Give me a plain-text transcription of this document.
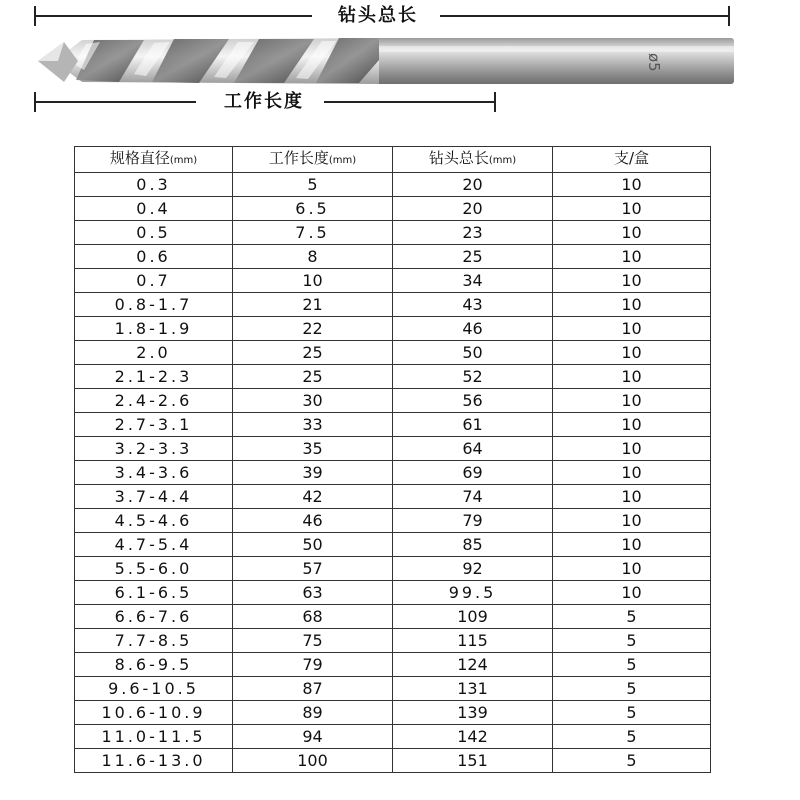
钻头总长
ø5
工作长度
规格直径(mm)	工作长度(mm)	钻头总长(mm)	支/盒
0.3	5	20	10
0.4	6.5	20	10
0.5	7.5	23	10
0.6	8	25	10
0.7	10	34	10
0.8-1.7	21	43	10
1.8-1.9	22	46	10
2.0	25	50	10
2.1-2.3	25	52	10
2.4-2.6	30	56	10
2.7-3.1	33	61	10
3.2-3.3	35	64	10
3.4-3.6	39	69	10
3.7-4.4	42	74	10
4.5-4.6	46	79	10
4.7-5.4	50	85	10
5.5-6.0	57	92	10
6.1-6.5	63	99.5	10
6.6-7.6	68	109	5
7.7-8.5	75	115	5
8.6-9.5	79	124	5
9.6-10.5	87	131	5
10.6-10.9	89	139	5
11.0-11.5	94	142	5
11.6-13.0	100	151	5
